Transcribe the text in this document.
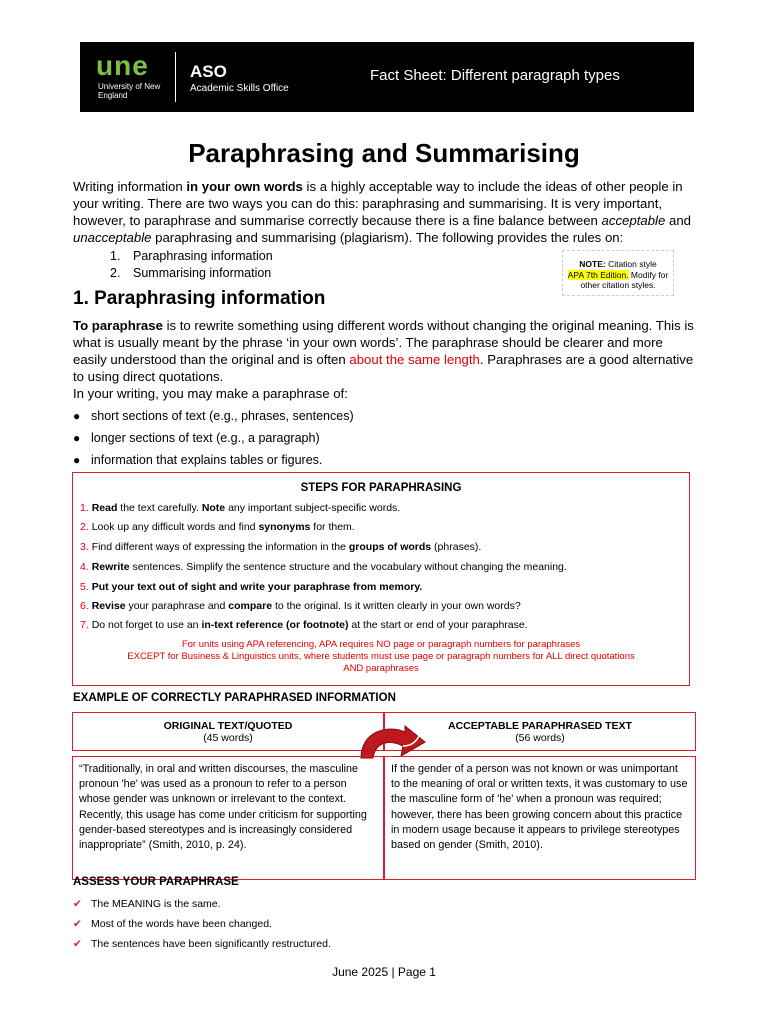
une
University of New England
ASO
Academic Skills Office
Fact Sheet: Different paragraph types
Paraphrasing and Summarising
Writing information in your own words is a highly acceptable way to include the ideas of other people in your writing. There are two ways you can do this: paraphrasing and summarising. It is very important, however, to paraphrase and summarise correctly because there is a fine balance between acceptable and unacceptable paraphrasing and summarising (plagiarism). The following provides the rules on:
1. Paraphrasing information
2. Summarising information
NOTE: Citation style
APA 7th Edition. Modify for other citation styles.
1. Paraphrasing information
To paraphrase is to rewrite something using different words without changing the original meaning. This is what is usually meant by the phrase ‘in your own words’. The paraphrase should be clearer and more easily understood than the original and is often about the same length. Paraphrases are a good alternative to using direct quotations.
In your writing, you may make a paraphrase of:
● short sections of text (e.g., phrases, sentences)
● longer sections of text (e.g., a paragraph)
● information that explains tables or figures.
STEPS FOR PARAPHRASING
1. Read the text carefully. Note any important subject-specific words.
2. Look up any difficult words and find synonyms for them.
3. Find different ways of expressing the information in the groups of words (phrases).
4. Rewrite sentences. Simplify the sentence structure and the vocabulary without changing the meaning.
5. Put your text out of sight and write your paraphrase from memory.
6. Revise your paraphrase and compare to the original. Is it written clearly in your own words?
7. Do not forget to use an in-text reference (or footnote) at the start or end of your paraphrase.
For units using APA referencing, APA requires NO page or paragraph numbers for paraphrases
EXCEPT for Business & Linguistics units, where students must use page or paragraph numbers for ALL direct quotations AND paraphrases
EXAMPLE OF CORRECTLY PARAPHRASED INFORMATION
ORIGINAL TEXT/QUOTED
(45 words)
ACCEPTABLE PARAPHRASED TEXT
(56 words)
“Traditionally, in oral and written discourses, the masculine pronoun 'he' was used as a pronoun to refer to a person whose gender was unknown or irrelevant to the context. Recently, this usage has come under criticism for supporting gender-based stereotypes and is increasingly considered inappropriate” (Smith, 2010, p. 24).
If the gender of a person was not known or was unimportant to the meaning of oral or written texts, it was customary to use the masculine form of 'he' when a pronoun was required; however, there has been growing concern about this practice in modern usage because it appears to privilege stereotypes based on gender (Smith, 2010).
ASSESS YOUR PARAPHRASE
✔ The MEANING is the same.
✔ Most of the words have been changed.
✔ The sentences have been significantly restructured.
June 2025 | Page 1
